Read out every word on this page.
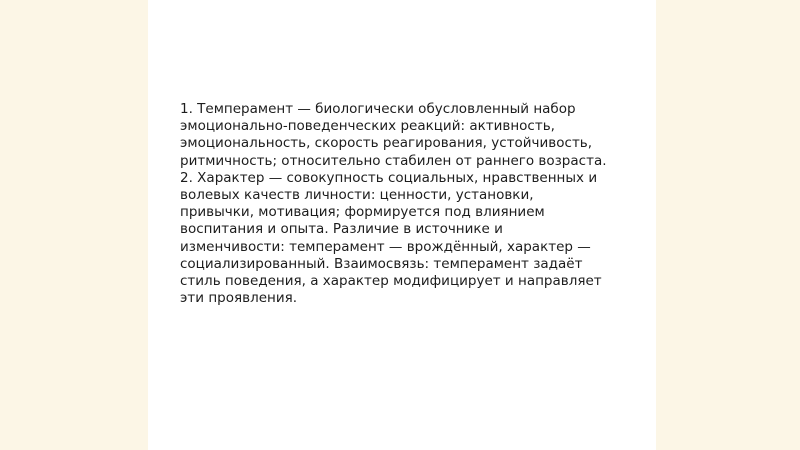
1. Темперамент — биологически обусловленный набор эмоционально-поведенческих реакций: активность, эмоциональность, скорость реагирования, устойчивость, ритмичность; относительно стабилен от раннего возраста. 2. Характер — совокупность социальных, нравственных и волевых качеств личности: ценности, установки, привычки, мотивация; формируется под влиянием воспитания и опыта. Различие в источнике и изменчивости: темперамент — врождённый, характер — социализированный. Взаимосвязь: темперамент задаёт стиль поведения, а характер модифицирует и направляет эти проявления.
